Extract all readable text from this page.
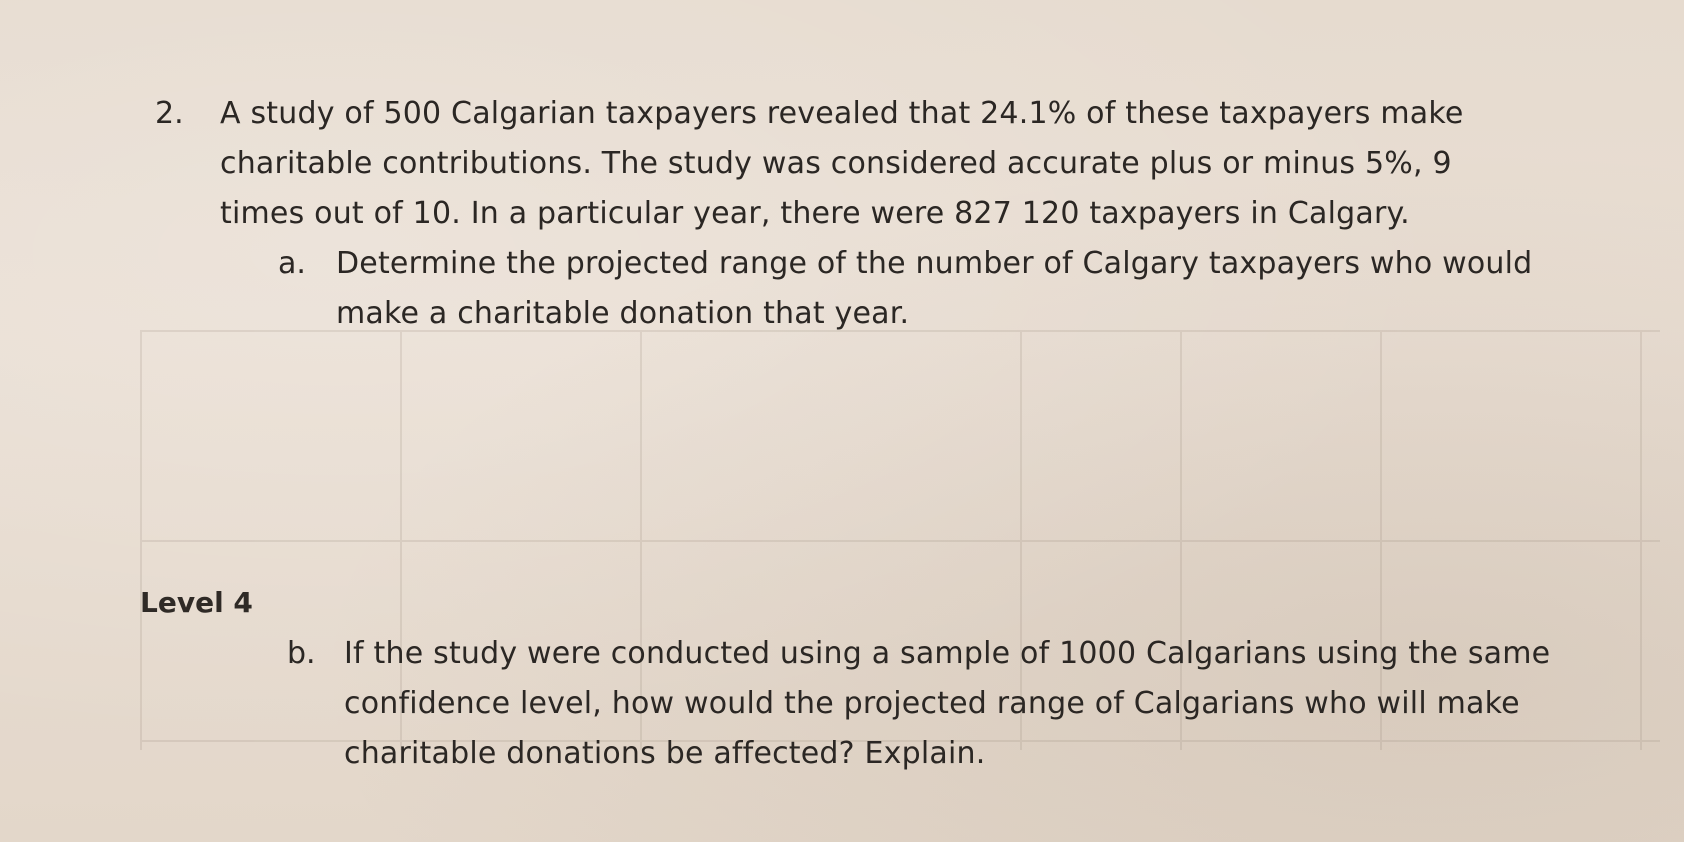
2. A study of 500 Calgarian taxpayers revealed that 24.1% of these taxpayers make
charitable contributions. The study was considered accurate plus or minus 5%, 9
times out of 10. In a particular year, there were 827 120 taxpayers in Calgary.
a. Determine the projected range of the number of Calgary taxpayers who would
make a charitable donation that year.
Level 4
b. If the study were conducted using a sample of 1000 Calgarians using the same
confidence level, how would the projected range of Calgarians who will make
charitable donations be affected? Explain.
